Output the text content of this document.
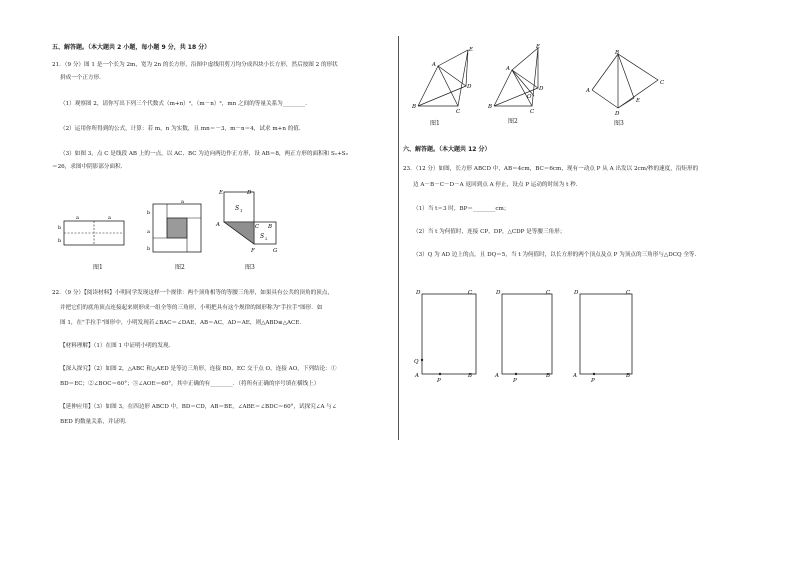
五、解答题。（本大题共 2 小题，每小题 9 分，共 18 分）
21．（9 分）图 1 是一个长为 2m，宽为 2n 的长方形，沿图中虚线用剪刀均分成四块小长方形，然后按图 2 的形状
拼成一个正方形．
（1）观察图 2，请你写出下列三个代数式（m+n）²，（m－n）²，mn 之间的等量关系为________．
（2）运用你所得到的公式，计算：若 m，n 为实数，且 mn＝－3，m－n＝4，试求 m+n 的值．
（3）如图 3，点 C 是线段 AB 上的一点，以 AC、BC 为边向两边作正方形，设 AB＝8，两正方形的面积和 S₁+S₂
＝26，求图中阴影部分面积．
a	a
b
b
图1
a
b
a
b
图2
E	D
S 1
C B
S 2
A
F	G
图3
22．（9 分）【阅读材料】小明同学发现这样一个规律：两个顶角相等的等腰三角形，如果具有公共的顶角的顶点，
并把它们的底角顶点连接起来则形成一组全等的三角形，小明把具有这个规律的图形称为"手拉手"图形．如
图 1，在"手拉手"图形中，小明发现若∠BAC＝∠DAE，AB＝AC，AD＝AE，则△ABD≌△ACE．
【材料理解】（1）在图 1 中证明小明的发现．
【深入探究】（2）如图 2，△ABC 和△AED 是等边三角形，连接 BD，EC 交于点 O，连接 AO，下列结论：①
BD＝EC；②∠BOC＝60°；③∠AOE＝60°，其中正确的有________．（将所有正确的序号填在横线上）
【延伸应用】（3）如图 3，在四边形 ABCD 中，BD＝CD，AB＝BE，∠ABE＝∠BDC＝60°，试探究∠A 与∠
BED 的数量关系，并证明．
B
A
E
D
C
图1
B
A
E
D
O
C
图2
B
A
C
E
D
图3
六、解答题。（本大题共 12 分）
23．（12 分）如图，长方形 ABCD 中，AB＝4cm，BC＝6cm，现有一动点 P 从 A 出发以 2cm/秒的速度，沿矩形的
边 A－B－C－D－A 返回到点 A 停止，设点 P 运动的时间为 t 秒．
（1）当 t＝3 时，BP＝________cm；
（2）当 t 为何值时，连接 CP，DP，△CDP 是等腰三角形；
（3）Q 为 AD 边上的点，且 DQ＝5，当 t 为何值时，以长方形的两个顶点及点 P 为顶点的三角形与△DCQ 全等．
D	C
Q
A	B
P
D	C
A	B
P
D	C
A	B
P
